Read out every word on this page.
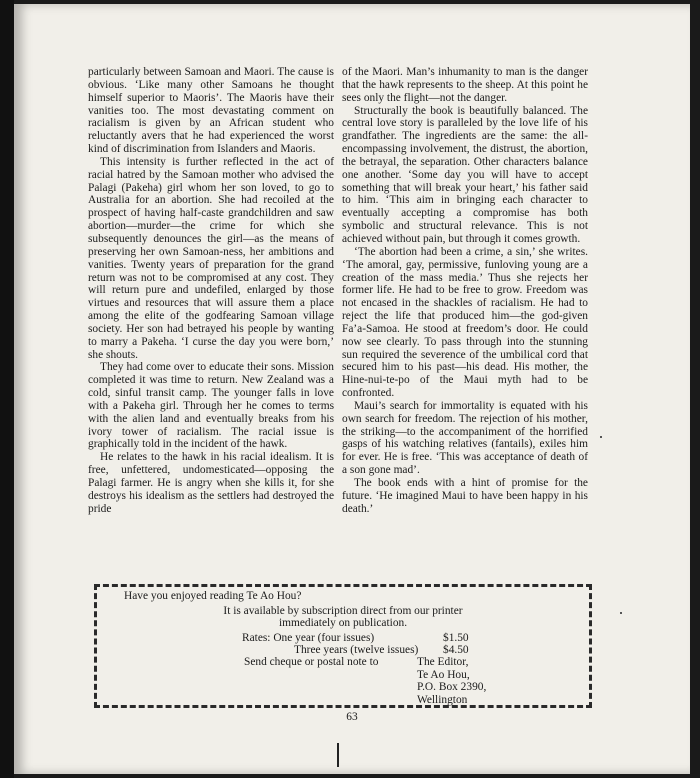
particularly between Samoan and Maori. The cause is obvious. ‘Like many other Samoans he thought himself superior to Maoris’. The Maoris have their vanities too. The most devastating comment on racialism is given by an African student who reluctantly avers that he had experienced the worst kind of discrimination from Islanders and Maoris.

This intensity is further reflected in the act of racial hatred by the Samoan mother who advised the Palagi (Pakeha) girl whom her son loved, to go to Australia for an abortion. She had recoiled at the prospect of having half-caste grandchildren and saw abortion—murder—the crime for which she subsequently denounces the girl—as the means of preserving her own Samoan-ness, her ambitions and vanities. Twenty years of preparation for the grand return was not to be compromised at any cost. They will return pure and undefiled, enlarged by those virtues and resources that will assure them a place among the elite of the godfearing Samoan village society. Her son had betrayed his people by wanting to marry a Pakeha. ‘I curse the day you were born,’ she shouts.

They had come over to educate their sons. Mission completed it was time to return. New Zealand was a cold, sinful transit camp. The younger falls in love with a Pakeha girl. Through her he comes to terms with the alien land and eventually breaks from his ivory tower of racialism. The racial issue is graphically told in the incident of the hawk.

He relates to the hawk in his racial idealism. It is free, unfettered, undomesticated—opposing the Palagi farmer. He is angry when she kills it, for she destroys his idealism as the settlers had destroyed the pride

of the Maori. Man’s inhumanity to man is the danger that the hawk represents to the sheep. At this point he sees only the flight—not the danger.

Structurally the book is beautifully balanced. The central love story is paralleled by the love life of his grandfather. The ingredients are the same: the all-encompassing involvement, the distrust, the abortion, the betrayal, the separation. Other characters balance one another. ‘Some day you will have to accept something that will break your heart,’ his father said to him. ‘This aim in bringing each character to eventually accepting a compromise has both symbolic and structural relevance. This is not achieved without pain, but through it comes growth.

‘The abortion had been a crime, a sin,’ she writes. ‘The amoral, gay, permissive, funloving young are a creation of the mass media.’ Thus she rejects her former life. He had to be free to grow. Freedom was not encased in the shackles of racialism. He had to reject the life that produced him—the god-given Fa’a-Samoa. He stood at freedom’s door. He could now see clearly. To pass through into the stunning sun required the severence of the umbilical cord that secured him to his past—his dead. His mother, the Hine-nui-te-po of the Maui myth had to be confronted.

Maui’s search for immortality is equated with his own search for freedom. The rejection of his mother, the striking—to the accompaniment of the horrified gasps of his watching relatives (fantails), exiles him for ever. He is free. ‘This was acceptance of death of a son gone mad’.

The book ends with a hint of promise for the future. ‘He imagined Maui to have been happy in his death.’

Have you enjoyed reading Te Ao Hou?
It is available by subscription direct from our printer
immediately on publication.
Rates: One year (four issues)	$1.50
Three years (twelve issues) $4.50
Send cheque or postal note to	The Editor,
Te Ao Hou,
P.O. Box 2390,
Wellington
63
